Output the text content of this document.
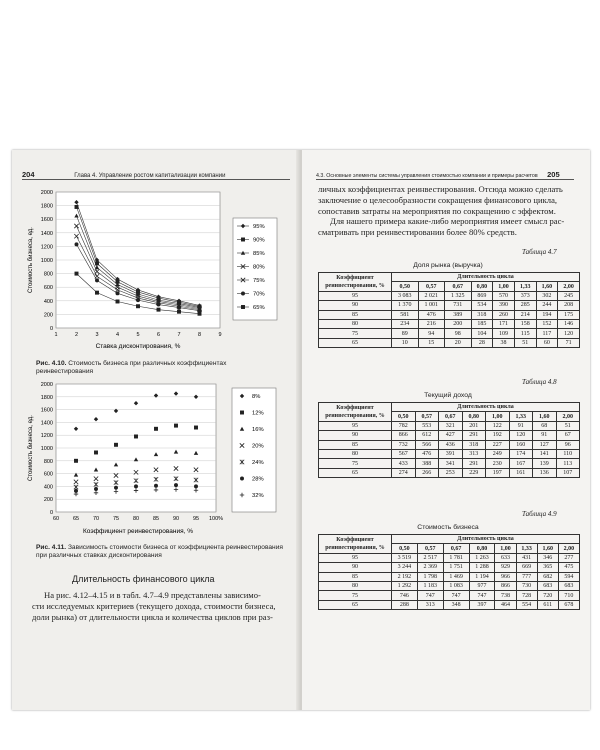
204	Глава 4. Управление ростом капитализации компании
0
200
400
600
800
1000
1200
1400
1600
1800
2000
1	2	3	4	5	6	7	8	9
95%
90%
85%
80%
75%
70%
65%
Стоимость бизнеса, ед.
Ставка дисконтирования, %
Рис. 4.10. Стоимость бизнеса при различных коэффициентах реинвестирования
0
200
400
600
800
1000
1200
1400
1600
1800
2000
60	65	70	75	80	85	90	95 100%
8%
12%
16%
20%
24%
28%
32%
Стоимость бизнеса, ед.
Коэффициент реинвестирования, %
Рис. 4.11. Зависимость стоимости бизнеса от коэффициента реинвестирования при различных ставках дисконтирования
Длительность финансового цикла
На рис. 4.12–4.15 и в табл. 4.7–4.9 представлены зависимо-
сти исследуемых критериев (текущего дохода, стоимости бизнеса,
доли рынка) от длительности цикла и количества циклов при раз-
4.3. Основные элементы системы управления стоимостью компании и примеры расчетов 205
личных коэффициентах реинвестирования. Отсюда можно сделать
заключение о целесообразности сокращения финансового цикла,
сопоставив затраты на мероприятия по сокращению с эффектом.
Для нашего примера какие-либо мероприятия имеет смысл рас-
сматривать при реинвестировании более 80% средств.
Таблица 4.7
Доля рынка (выручка)
Коэффициент реинвестирования, %	Длительность цикла							
	0,50	0,57	0,67	0,80	1,00	1,33	1,60	2,00
95	3 083	2 021	1 325	869	570	373	302	245
90	1 370	1 001	731	534	390	285	244	208
85	581	476	389	318	260	214	194	175
80	234	216	200	185	171	158	152	146
75	89	94	98	104	109	115	117	120
65	10	15	20	28	38	51	60	71
Таблица 4.8
Текущий доход
Коэффициент реинвестирования, %	Длительность цикла							
	0,50	0,57	0,67	0,80	1,00	1,33	1,60	2,00
95	782	553	321	201	122	91	68	51
90	866	612	427	291	192	120	91	67
85	732	566	436	318	227	160	127	96
80	567	476	391	313	249	174	141	110
75	433	388	341	291	230	167	139	113
65	274	266	253	229	197	161	136	107
Таблица 4.9
Стоимость бизнеса
Коэффициент реинвестирования, %	Длительность цикла							
	0,50	0,57	0,67	0,80	1,00	1,33	1,60	2,00
95	3 519	2 517	1 781	1 263	633	431	346	277
90	3 244	2 369	1 751	1 288	929	669	365	475
85	2 192	1 798	1 469	1 194	966	777	682	594
80	1 292	1 183	1 083	977	866	730	683	683
75	746	747	747	747	738	728	720	710
65	288	313	348	397	464	554	611	678
